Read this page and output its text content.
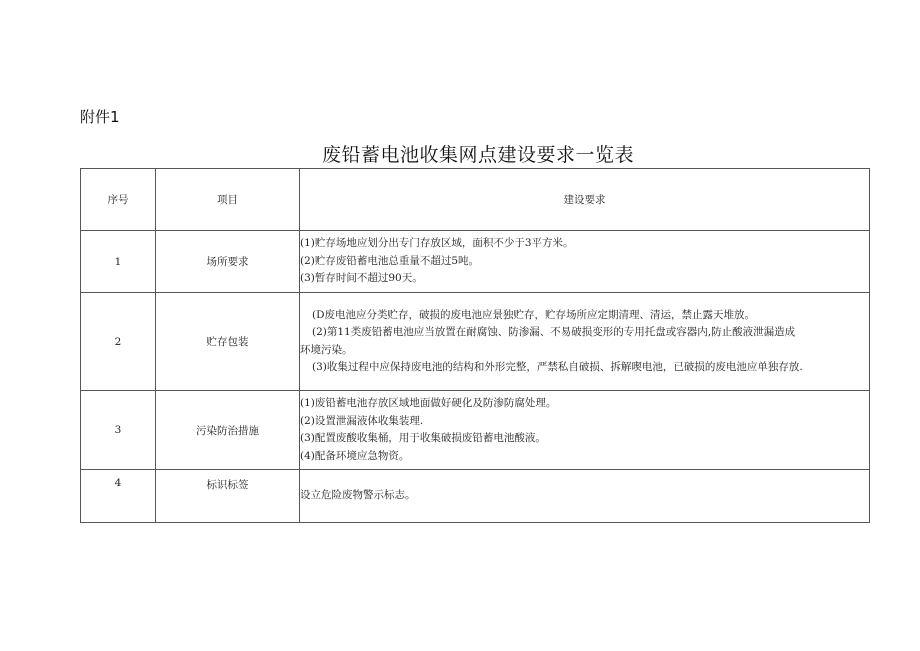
附件1
废铅蓄电池收集网点建设要求一览表
序号	项目	建设要求
1	场所要求	(1)贮存场地应划分出专门存放区域，面积不少于3平方米。
(2)贮存废铅蓄电池总重量不超过5吨。
(3)暂存时间不超过90天。

2	贮存包装	(D废电池应分类贮存，破损的废电池应景独贮存，贮存场所应定期清理、清运，禁止露天堆放。
(2)第11类废铅蓄电池应当放置在耐腐蚀、防渗漏、不易破损变形的专用托盘或容器内,防止酸液泄漏造成
环境污染。
(3)收集过程中应保持废电池的结构和外形完整，严禁私自破损、拆解喫电池，已破损的废电池应单独存放.

3	污染防治措施	(1)废铅蓄电池存放区域地面做好硬化及防渗防腐处理。
(2)设置泄漏液体收集装理.
(3)配置废酸收集桶，用于收集破损废铅蓄电池酸液。
(4)配备环境应急物资。

4	标识标签	设立危险废物警示标志。
